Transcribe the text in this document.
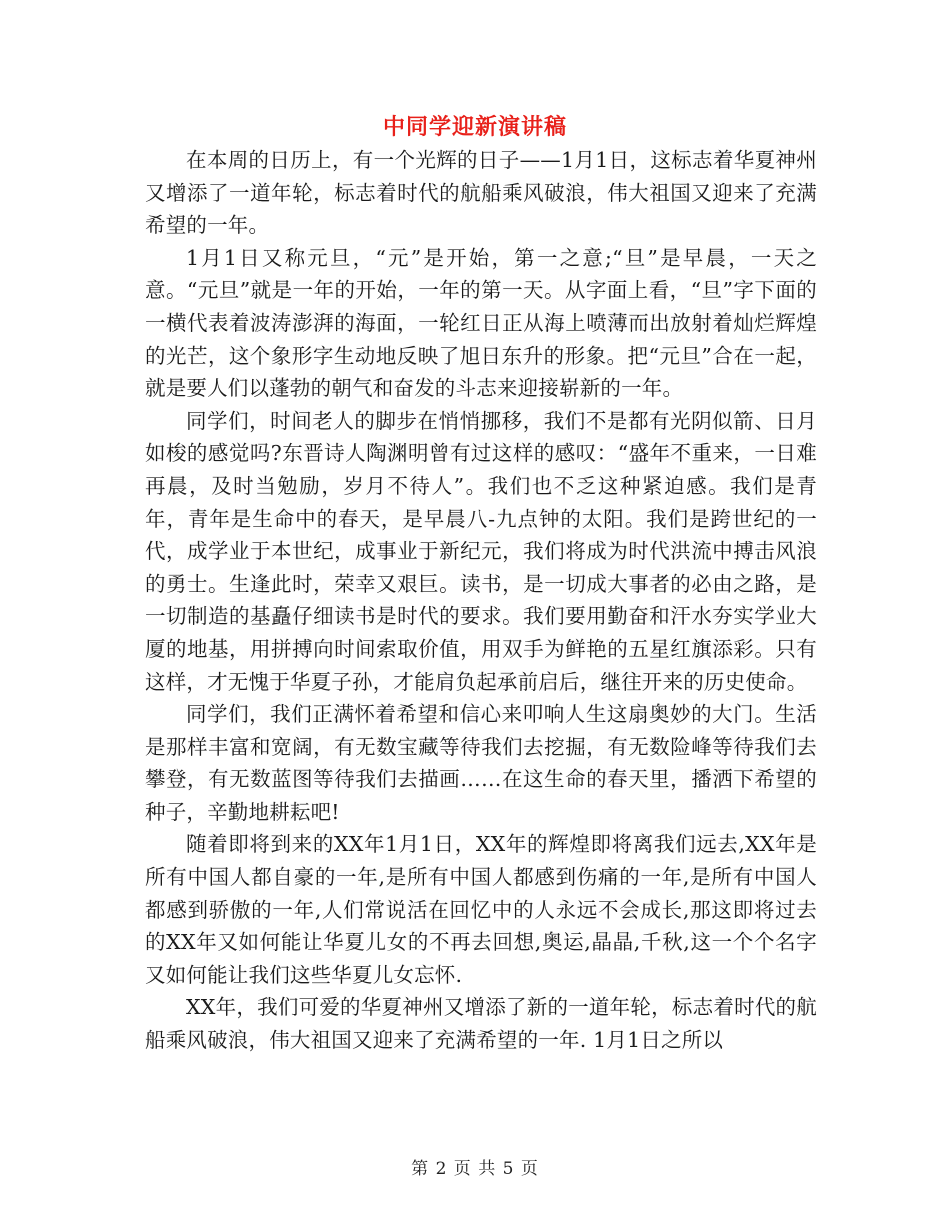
中同学迎新演讲稿

在本周的日历上，有一个光辉的日子——1月1日，这标志着华夏神州又增添了一道年轮，标志着时代的航船乘风破浪，伟大祖国又迎来了充满希望的一年。

1月1日又称元旦，“元”是开始，第一之意;“旦”是早晨，一天之意。“元旦”就是一年的开始，一年的第一天。从字面上看，“旦”字下面的一横代表着波涛澎湃的海面，一轮红日正从海上喷薄而出放射着灿烂辉煌的光芒，这个象形字生动地反映了旭日东升的形象。把“元旦”合在一起，就是要人们以蓬勃的朝气和奋发的斗志来迎接崭新的一年。

同学们，时间老人的脚步在悄悄挪移，我们不是都有光阴似箭、日月如梭的感觉吗?东晋诗人陶渊明曾有过这样的感叹：“盛年不重来，一日难再晨，及时当勉励，岁月不待人”。我们也不乏这种紧迫感。我们是青年，青年是生命中的春天，是早晨八-九点钟的太阳。我们是跨世纪的一代，成学业于本世纪，成事业于新纪元，我们将成为时代洪流中搏击风浪的勇士。生逢此时，荣幸又艰巨。读书，是一切成大事者的必由之路，是一切制造的基矗仔细读书是时代的要求。我们要用勤奋和汗水夯实学业大厦的地基，用拼搏向时间索取价值，用双手为鲜艳的五星红旗添彩。只有这样，才无愧于华夏子孙，才能肩负起承前启后，继往开来的历史使命。

同学们，我们正满怀着希望和信心来叩响人生这扇奥妙的大门。生活是那样丰富和宽阔，有无数宝藏等待我们去挖掘，有无数险峰等待我们去攀登，有无数蓝图等待我们去描画……在这生命的春天里，播洒下希望的种子，辛勤地耕耘吧!

随着即将到来的XX年1月1日，XX年的辉煌即将离我们远去,XX年是所有中国人都自豪的一年,是所有中国人都感到伤痛的一年,是所有中国人都感到骄傲的一年,人们常说活在回忆中的人永远不会成长,那这即将过去的XX年又如何能让华夏儿女的不再去回想,奥运,晶晶,千秋,这一个个名字又如何能让我们这些华夏儿女忘怀.

XX年，我们可爱的华夏神州又增添了新的一道年轮，标志着时代的航船乘风破浪，伟大祖国又迎来了充满希望的一年. 1月1日之所以

第 2 页 共 5 页
